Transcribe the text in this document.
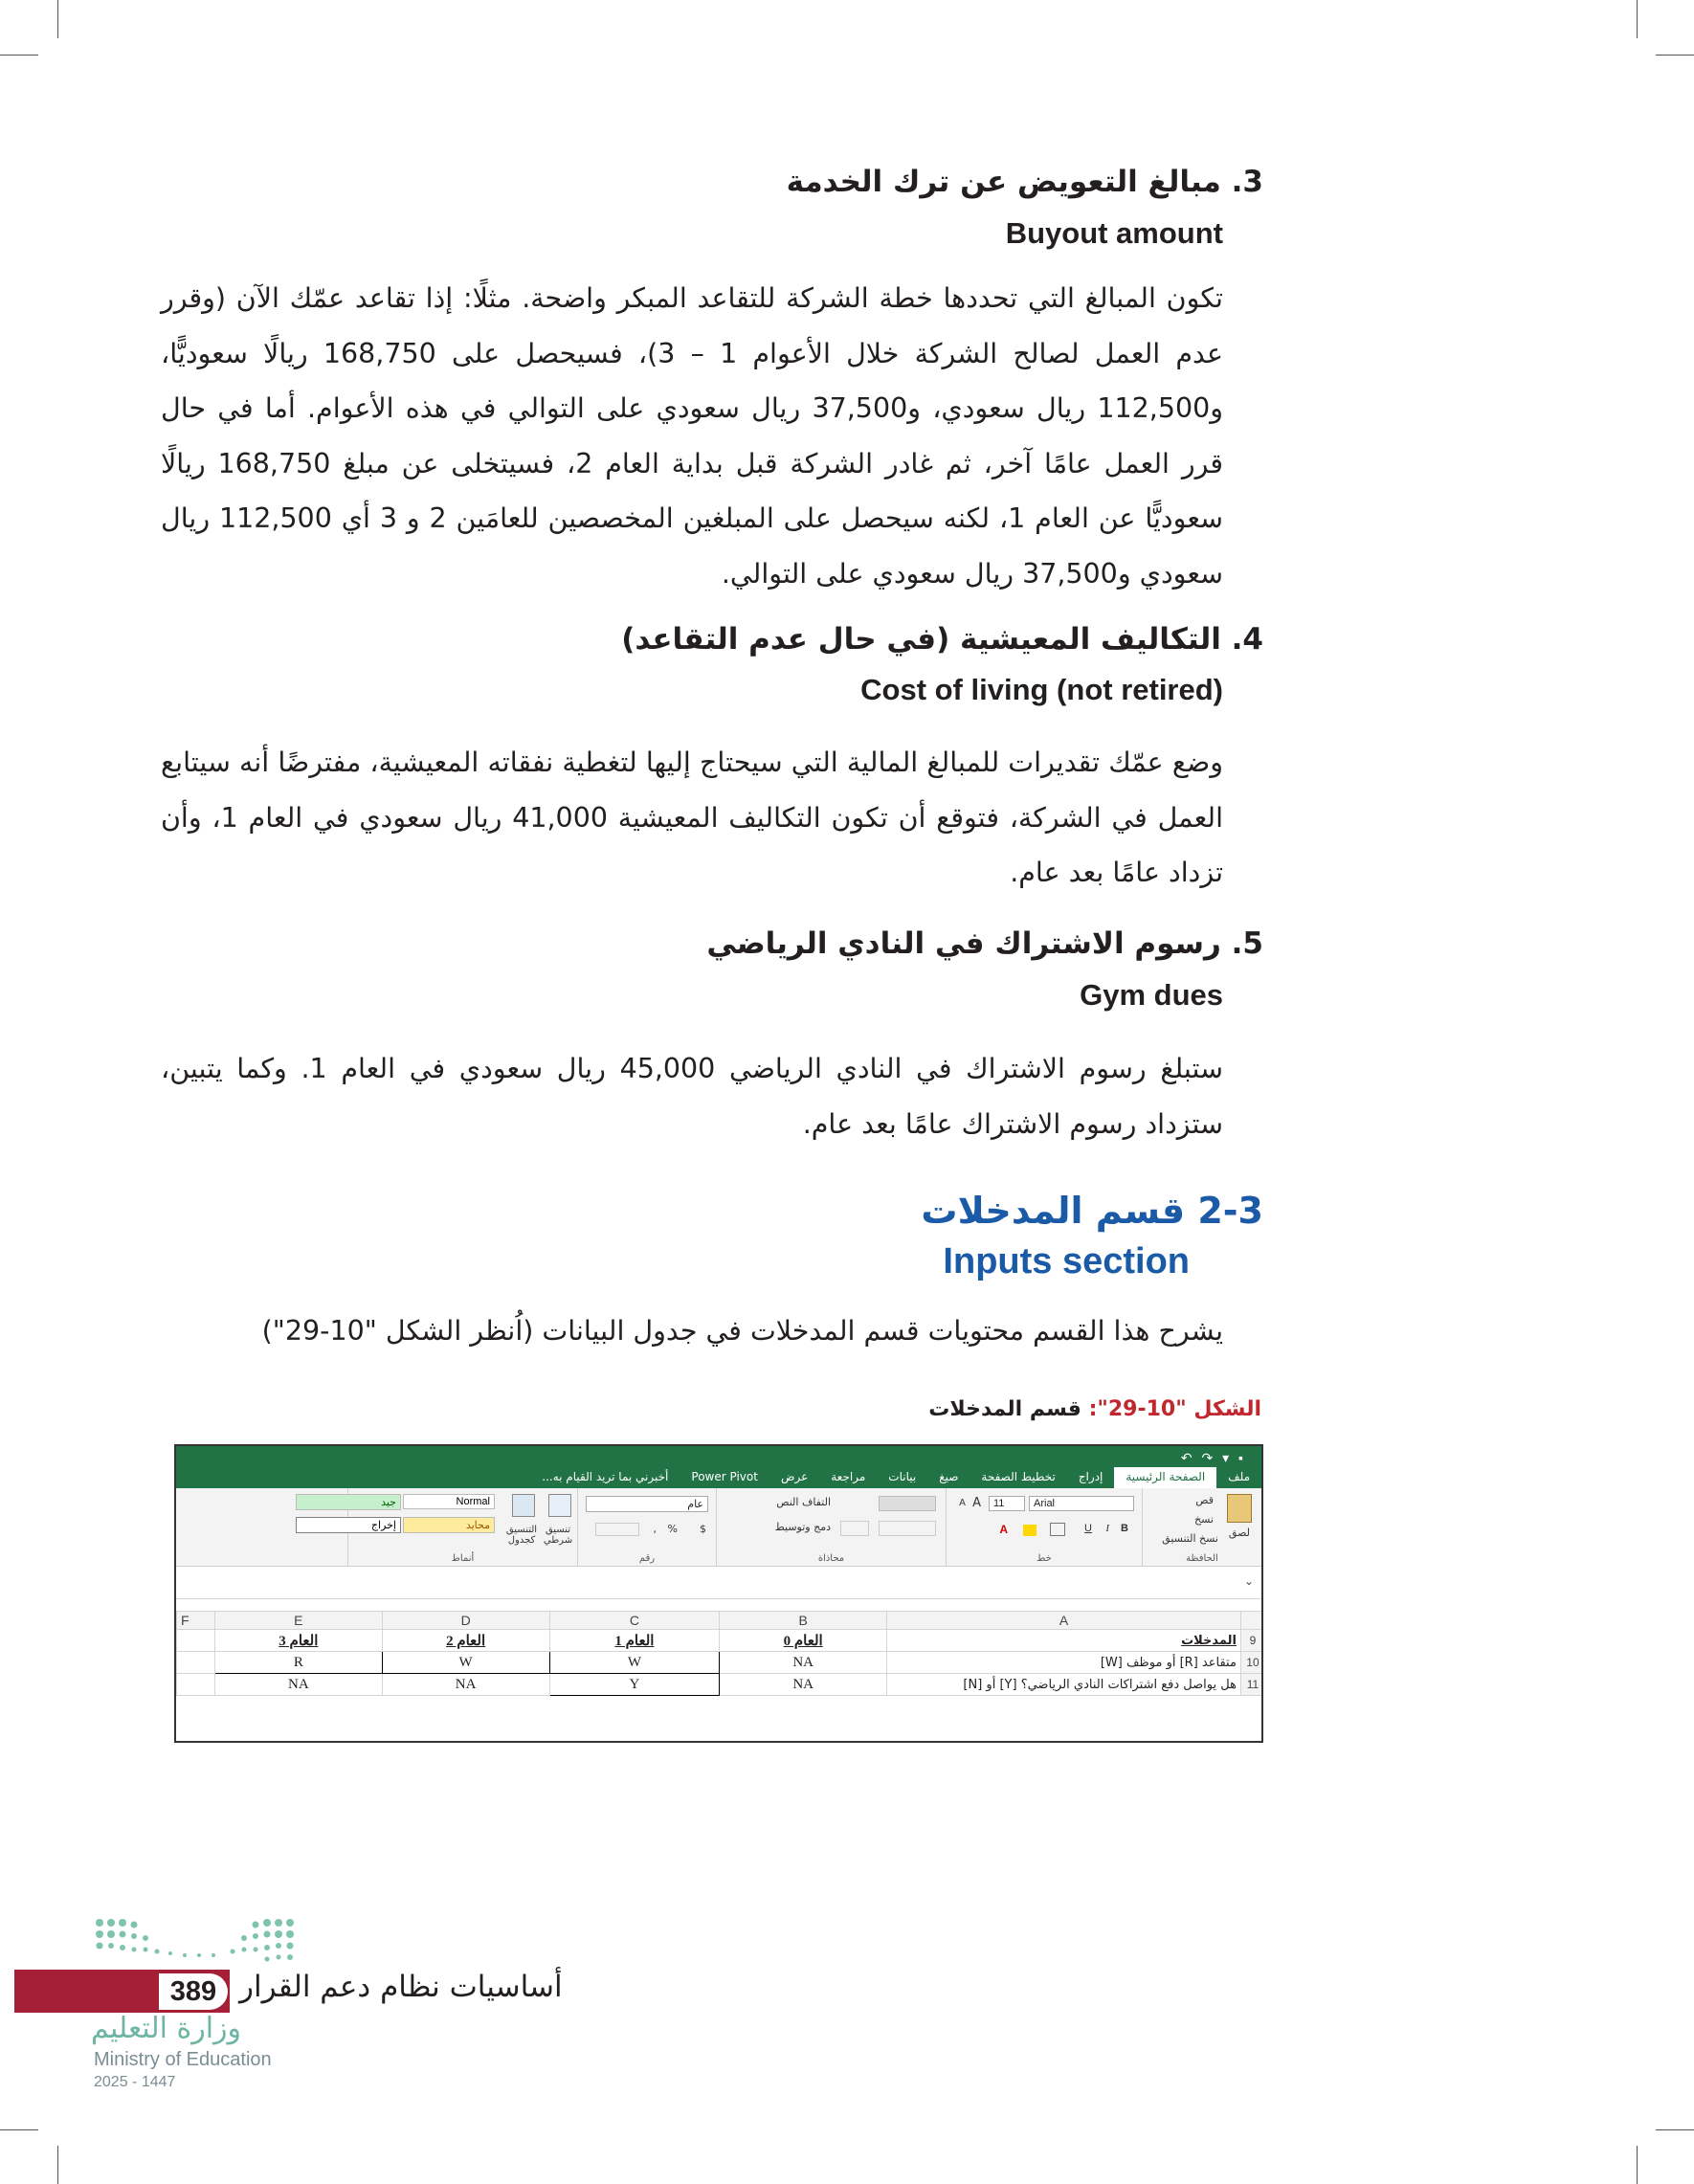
3. مبالغ التعويض عن ترك الخدمة
Buyout amount
تكون المبالغ التي تحددها خطة الشركة للتقاعد المبكر واضحة. مثلًا: إذا تقاعد عمّك الآن (وقرر عدم العمل لصالح الشركة خلال الأعوام 1 – 3)، فسيحصل على 168,750 ريالًا سعوديًّا، و112,500 ريال سعودي، و37,500 ريال سعودي على التوالي في هذه الأعوام. أما في حال قرر العمل عامًا آخر، ثم غادر الشركة قبل بداية العام 2، فسيتخلى عن مبلغ 168,750 ريالًا سعوديًّا عن العام 1، لكنه سيحصل على المبلغين المخصصين للعامَين 2 و 3 أي 112,500 ريال سعودي و37,500 ريال سعودي على التوالي.
4. التكاليف المعيشية (في حال عدم التقاعد)
Cost of living (not retired)
وضع عمّك تقديرات للمبالغ المالية التي سيحتاج إليها لتغطية نفقاته المعيشية، مفترضًا أنه سيتابع العمل في الشركة، فتوقع أن تكون التكاليف المعيشية 41,000 ريال سعودي في العام 1، وأن تزداد عامًا بعد عام.
5. رسوم الاشتراك في النادي الرياضي
Gym dues
ستبلغ رسوم الاشتراك في النادي الرياضي 45,000 ريال سعودي في العام 1. وكما يتبين، ستزداد رسوم الاشتراك عامًا بعد عام.
2-3 قسم المدخلات
Inputs section
يشرح هذا القسم محتويات قسم المدخلات في جدول البيانات (اُنظر الشكل "10-29")
الشكل "10-29": قسم المدخلات
↶ ↷ ▾ ▪
ملف
الصفحة الرئيسية
إدراج
تخطيط الصفحة
صيغ
بيانات
مراجعة
عرض
Power Pivot
أخبرني بما تريد القيام به...
لصق
قص
نسخ
نسخ التنسيق
الحافظة
Arial
11
A
A
B
I
U
A
خط
التفاف النص
دمج وتوسيط
محاذاة
عام
$
%
,
رقم
تنسيق شرطي
التنسيق كجدول
Normal
جيد
محايد
إخراج
أنماط
⌄
F	E	D	C	B	A	
	العام 3	العام 2	العام 1	العام 0	المدخلات	9
	R	W	W	NA	متقاعد [R] أو موظف [W]	10
	NA	NA	Y	NA	هل يواصل دفع اشتراكات النادي الرياضي؟ [Y] أو [N]	11
389 أساسيات نظام دعم القرار
وزارة التعليم
Ministry of Education
2025 - 1447
